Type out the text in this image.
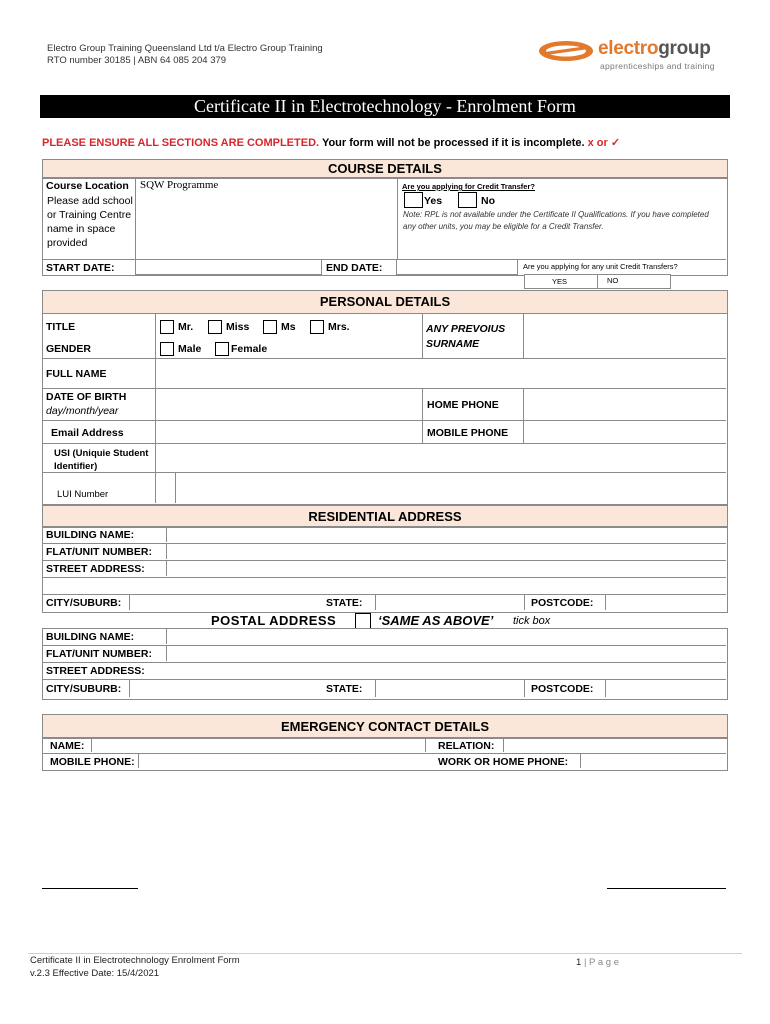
Electro Group Training Queensland Ltd t/a Electro Group Training
RTO number 30185 | ABN 64 085 204 379
electrogroup
apprenticeships and training
Certificate II in Electrotechnology - Enrolment Form
PLEASE ENSURE ALL SECTIONS ARE COMPLETED. Your form will not be processed if it is incomplete. x or ✓
COURSE DETAILS
Course Location
Please add school or Training Centre name in space provided
SQW Programme	Are you applying for Credit Transfer?
Yes	No
Note: RPL is not available under the Certificate II Qualifications. If you have completed any other units, you may be eligible for a Credit Transfer.
START DATE:	END DATE:	Are you applying for any unit Credit Transfers?
YES	NO
PERSONAL DETAILS
TITLE	Mr.	Miss	Ms	Mrs.	ANY PREVOIUS SURNAME
GENDER	Male	Female
FULL NAME
DATE OF BIRTH
day/month/year	HOME PHONE
Email Address	MOBILE PHONE
USI (Uniquie Student Identifier)
LUI Number
RESIDENTIAL ADDRESS
BUILDING NAME:
FLAT/UNIT NUMBER:
STREET ADDRESS:
CITY/SUBURB:	STATE:	POSTCODE:
POSTAL ADDRESS	‘SAME AS ABOVE’ tick box
BUILDING NAME:
FLAT/UNIT NUMBER:
STREET ADDRESS:
CITY/SUBURB:	STATE:	POSTCODE:
EMERGENCY CONTACT DETAILS
NAME:	RELATION:
MOBILE PHONE:	WORK OR HOME PHONE:
Certificate II in Electrotechnology Enrolment Form
v.2.3 Effective Date: 15/4/2021
1 | P a g e
